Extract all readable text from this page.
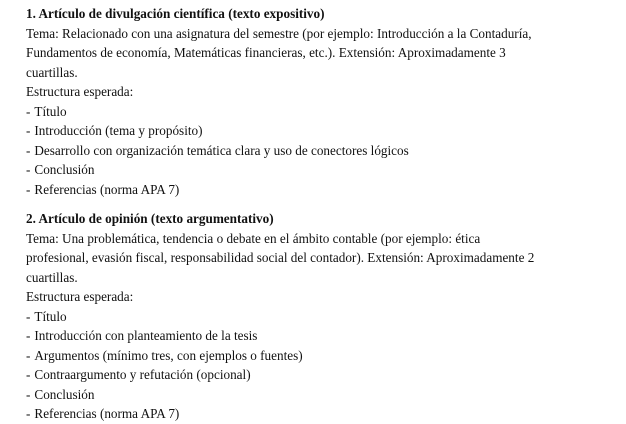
1. Artículo de divulgación científica (texto expositivo)
Tema: Relacionado con una asignatura del semestre (por ejemplo: Introducción a la Contaduría,
Fundamentos de economía, Matemáticas financieras, etc.). Extensión: Aproximadamente 3
cuartillas.
Estructura esperada:
- Título
- Introducción (tema y propósito)
- Desarrollo con organización temática clara y uso de conectores lógicos
- Conclusión
- Referencias (norma APA 7)
2. Artículo de opinión (texto argumentativo)
Tema: Una problemática, tendencia o debate en el ámbito contable (por ejemplo: ética
profesional, evasión fiscal, responsabilidad social del contador). Extensión: Aproximadamente 2
cuartillas.
Estructura esperada:
- Título
- Introducción con planteamiento de la tesis
- Argumentos (mínimo tres, con ejemplos o fuentes)
- Contraargumento y refutación (opcional)
- Conclusión
- Referencias (norma APA 7)
